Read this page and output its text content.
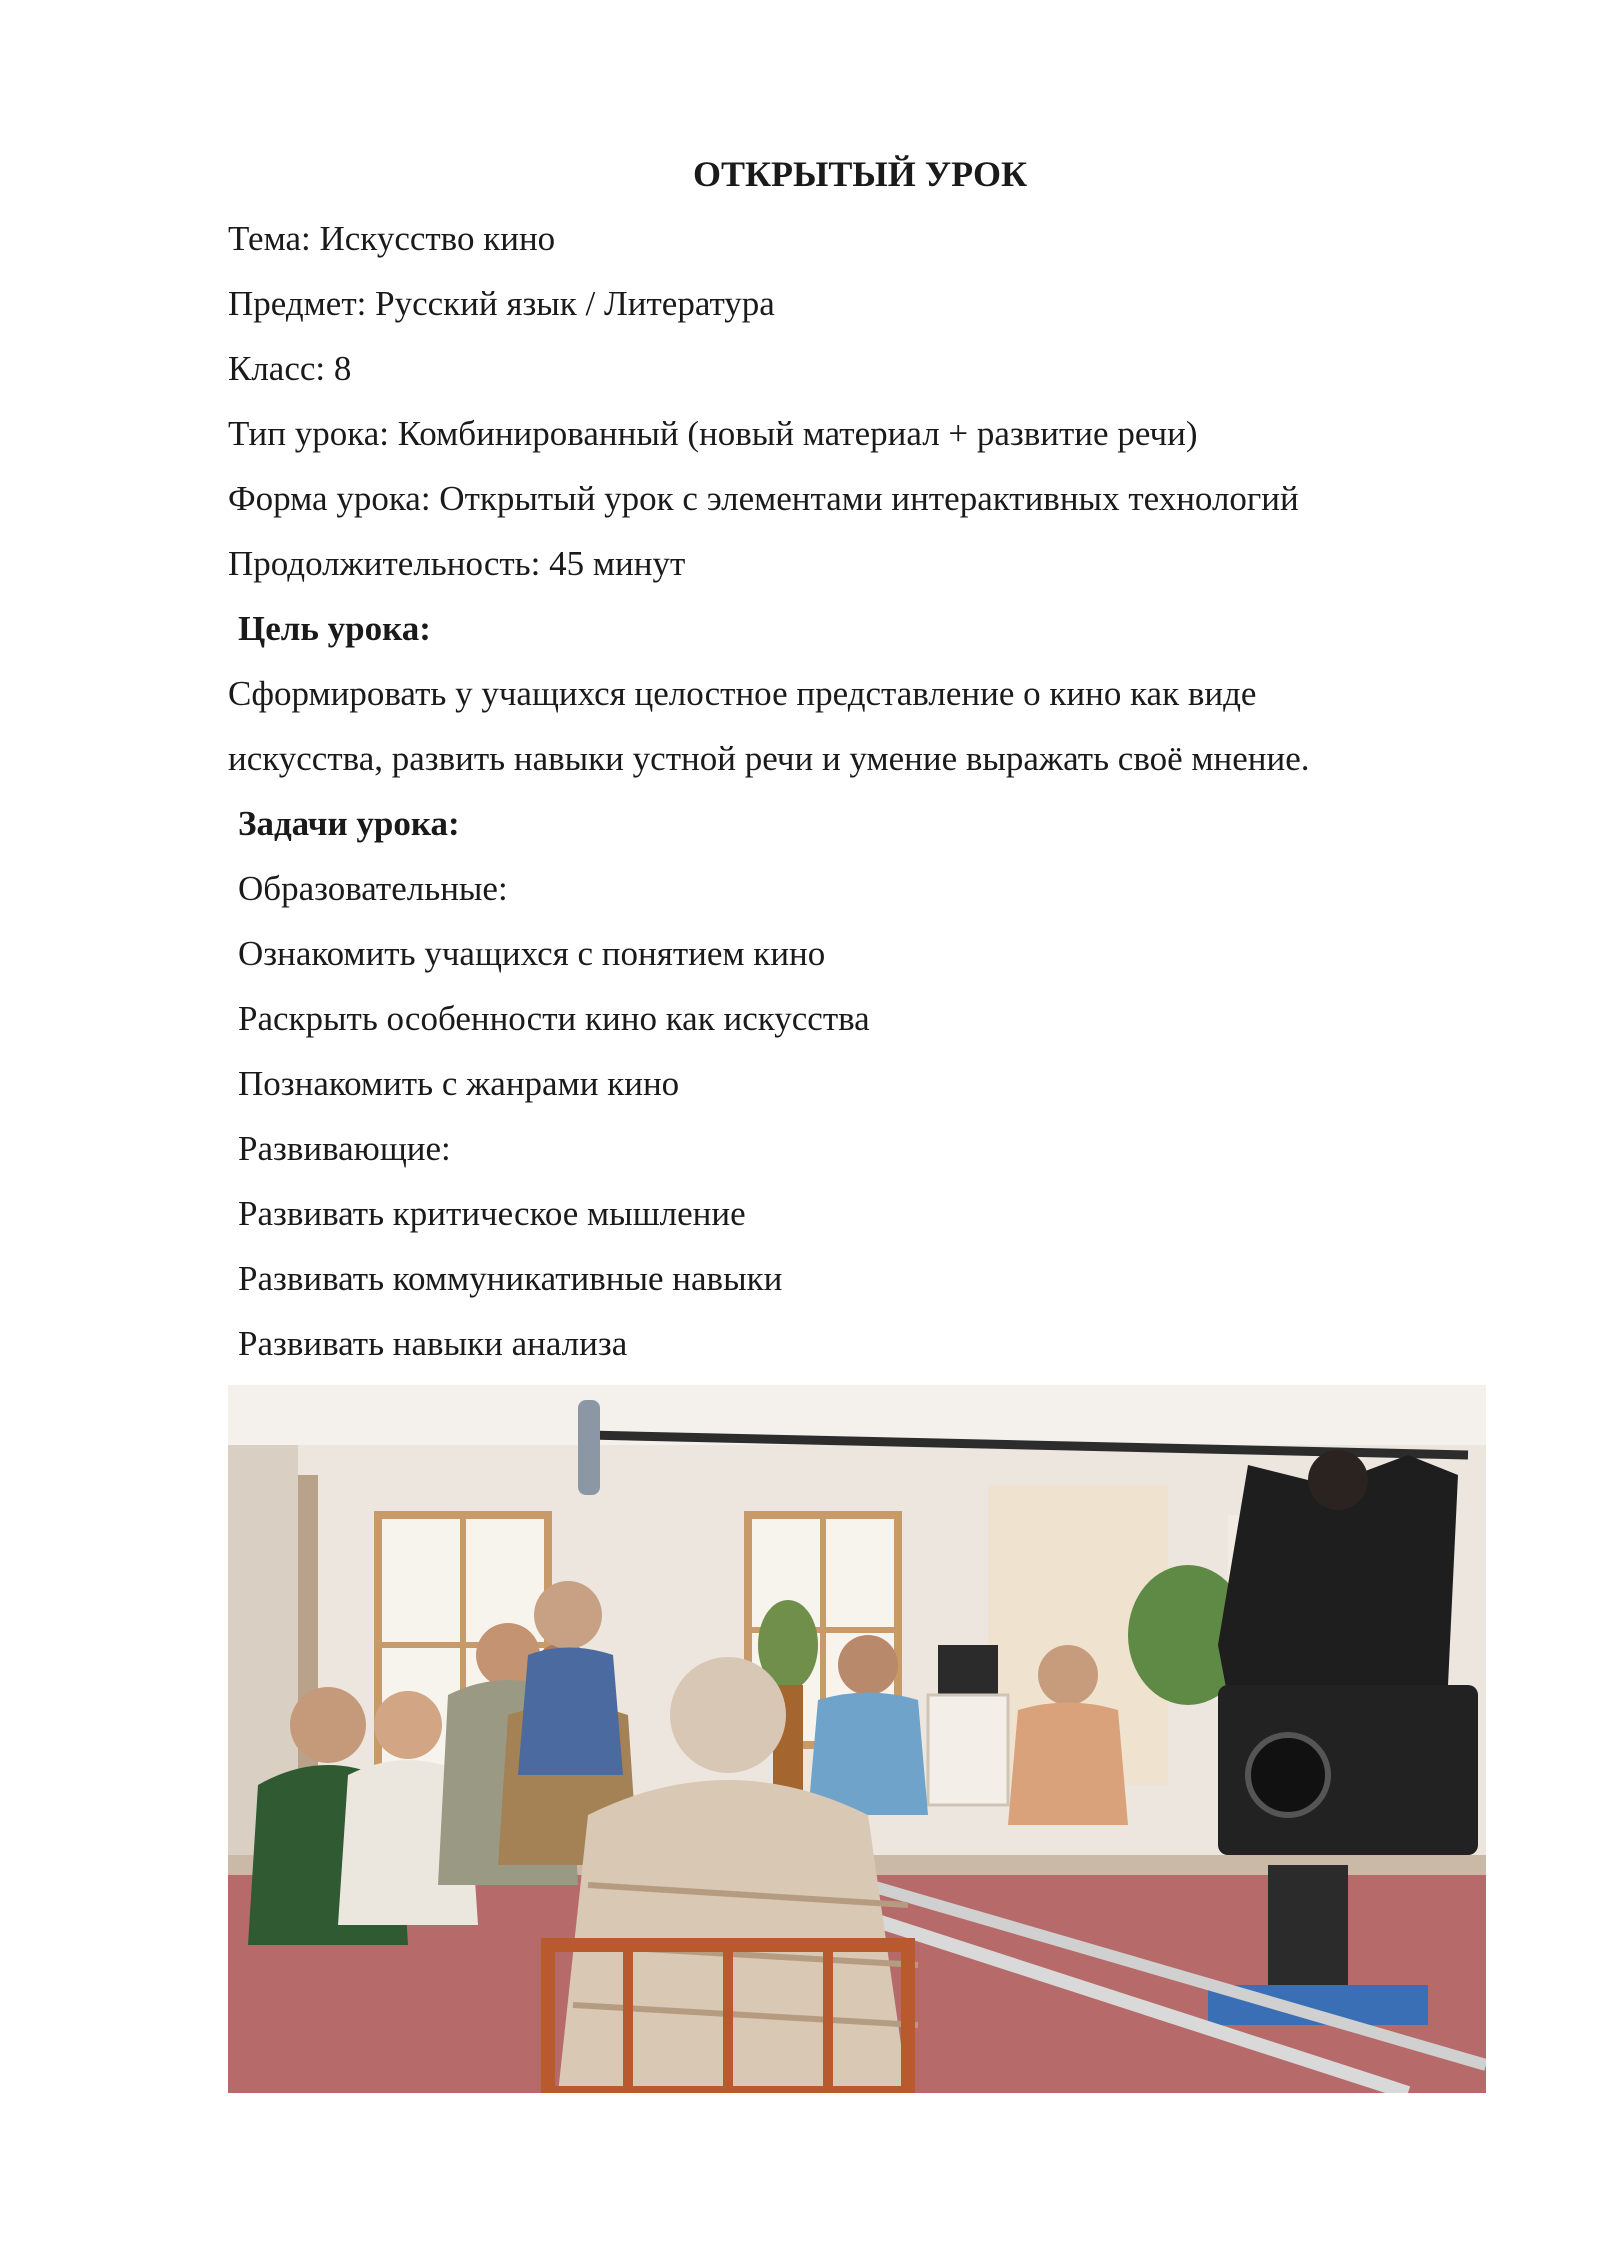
ОТКРЫТЫЙ УРОК
Тема: Искусство кино
Предмет: Русский язык / Литература
Класс: 8
Тип урока: Комбинированный (новый материал + развитие речи)
Форма урока: Открытый урок с элементами интерактивных технологий
Продолжительность: 45 минут
Цель урока:
Сформировать у учащихся целостное представление о кино как виде
искусства, развить навыки устной речи и умение выражать своё мнение.
Задачи урока:
Образовательные:
Ознакомить учащихся с понятием кино
Раскрыть особенности кино как искусства
Познакомить с жанрами кино
Развивающие:
Развивать критическое мышление
Развивать коммуникативные навыки
Развивать навыки анализа
